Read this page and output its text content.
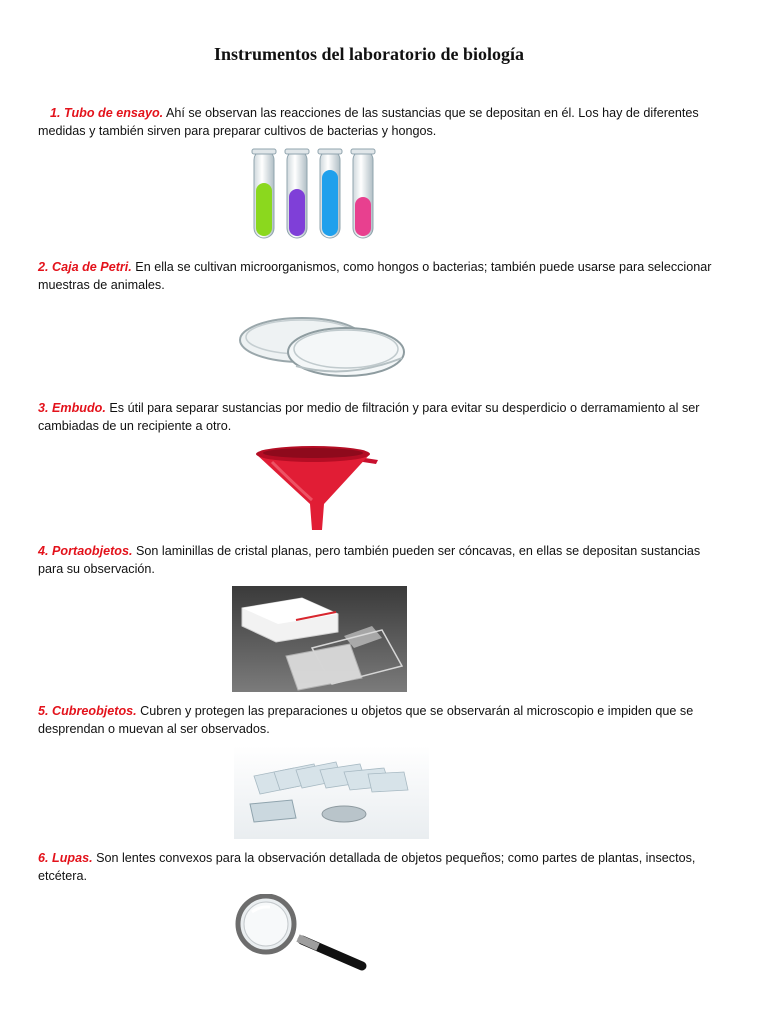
Instrumentos del laboratorio de biología

1. Tubo de ensayo. Ahí se observan las reacciones de las sustancias que se depositan en él. Los hay de diferentes medidas y también sirven para preparar cultivos de bacterias y hongos.

2. Caja de Petri. En ella se cultivan microorganismos, como hongos o bacterias; también puede usarse para seleccionar muestras de animales.

3. Embudo. Es útil para separar sustancias por medio de filtración y para evitar su desperdicio o derramamiento al ser cambiadas de un recipiente a otro.

4. Portaobjetos. Son laminillas de cristal planas, pero también pueden ser cóncavas, en ellas se depositan sustancias para su observación.

5. Cubreobjetos. Cubren y protegen las preparaciones u objetos que se observarán al microscopio e impiden que se desprendan o muevan al ser observados.

6. Lupas. Son lentes convexos para la observación detallada de objetos pequeños; como partes de plantas, insectos, etcétera.
